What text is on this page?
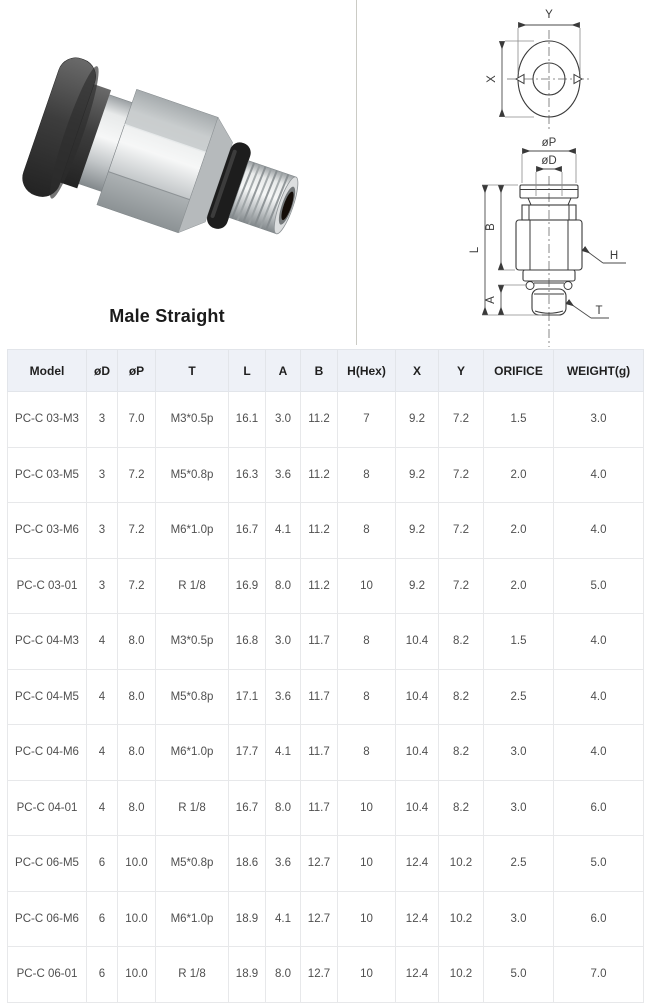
Male Straight
Y
X
øP
øD
L
B
A
H
T
Model	øD	øP	T	L	A	B	H(Hex)	X	Y	ORIFICE	WEIGHT(g)
PC-C 03-M3	3	7.0	M3*0.5p	16.1	3.0	11.2	7	9.2	7.2	1.5	3.0
PC-C 03-M5	3	7.2	M5*0.8p	16.3	3.6	11.2	8	9.2	7.2	2.0	4.0
PC-C 03-M6	3	7.2	M6*1.0p	16.7	4.1	11.2	8	9.2	7.2	2.0	4.0
PC-C 03-01	3	7.2	R 1/8	16.9	8.0	11.2	10	9.2	7.2	2.0	5.0
PC-C 04-M3	4	8.0	M3*0.5p	16.8	3.0	11.7	8	10.4	8.2	1.5	4.0
PC-C 04-M5	4	8.0	M5*0.8p	17.1	3.6	11.7	8	10.4	8.2	2.5	4.0
PC-C 04-M6	4	8.0	M6*1.0p	17.7	4.1	11.7	8	10.4	8.2	3.0	4.0
PC-C 04-01	4	8.0	R 1/8	16.7	8.0	11.7	10	10.4	8.2	3.0	6.0
PC-C 06-M5	6	10.0	M5*0.8p	18.6	3.6	12.7	10	12.4	10.2	2.5	5.0
PC-C 06-M6	6	10.0	M6*1.0p	18.9	4.1	12.7	10	12.4	10.2	3.0	6.0
PC-C 06-01	6	10.0	R 1/8	18.9	8.0	12.7	10	12.4	10.2	5.0	7.0
